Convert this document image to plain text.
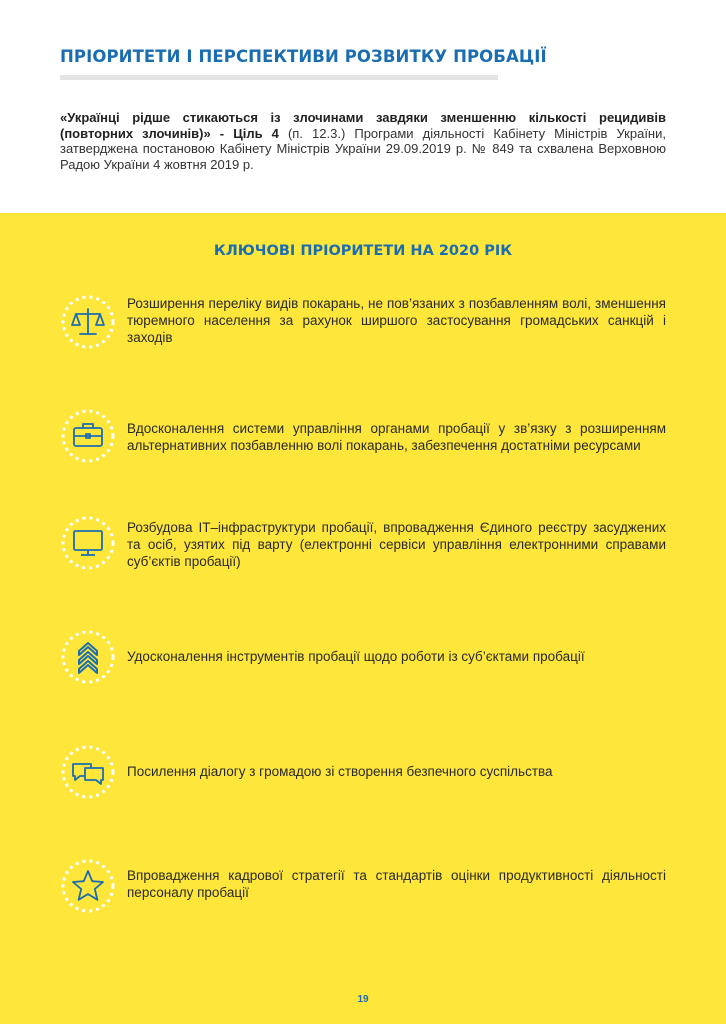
ПРІОРИТЕТИ І ПЕРСПЕКТИВИ РОЗВИТКУ ПРОБАЦІЇ
«Українці рідше стикаються із злочинами завдяки зменшенню кількості рецидивів (повторних злочинів)» - Ціль 4 (п. 12.3.) Програми діяльності Кабінету Міністрів України, затверджена постановою Кабінету Міністрів України 29.09.2019 р. № 849 та схвалена Верховною Радою України 4 жовтня 2019 р.
КЛЮЧОВІ ПРІОРИТЕТИ НА 2020 РІК
Розширення переліку видів покарань, не пов’язаних з позбавленням волі, зменшення тюремного населення за рахунок ширшого застосування громадських санкцій і заходів
Вдосконалення системи управління органами пробації у зв’язку з розширенням альтернативних позбавленню волі покарань, забезпечення достатніми ресурсами
Розбудова ІТ–інфраструктури пробації, впровадження Єдиного реєстру засуджених та осіб, узятих під варту (електронні сервіси управління електронними справами суб’єктів пробації)
Удосконалення інструментів пробації щодо роботи із суб’єктами пробації
Посилення діалогу з громадою зі створення безпечного суспільства
Впровадження кадрової стратегії та стандартів оцінки продуктивності діяльності персоналу пробації
19
